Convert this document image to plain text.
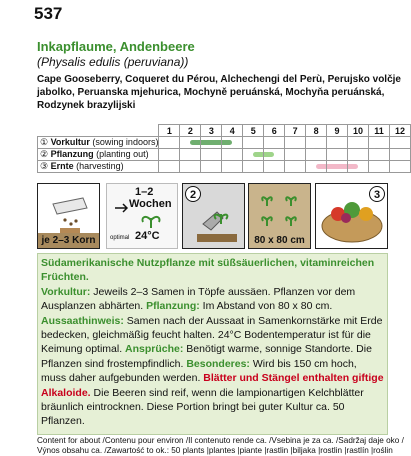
537
Inkapflaume, Andenbeere
(Physalis edulis (peruviana))
Cape Gooseberry, Coqueret du Pérou, Alchechengi del Perù, Perujsko volčje jabolko, Peruanska mjehurica, Mochyně peruánská, Mochyňa peruánská, Rodzynek brazylijski
	1	2	3	4	5	6	7	8	9	10	11	12
① Vorkultur (sowing indoors)		

② Pflanzung (planting out)					

③ Ernte (harvesting)								

je 2–3 Korn
1–2
Wochen
optimal 24°C
2
80 x 80 cm
3
Südamerikanische Nutzpflanze mit süßsäuerlichen, vitaminreichen Früchten.
Vorkultur: Jeweils 2–3 Samen in Töpfe aussäen. Pflanzen vor dem Ausplanzen abhärten. Pflanzung: Im Abstand von 80 x 80 cm.
Aussaathinweis: Samen nach der Aussaat in Samenkornstärke mit Erde bedecken, gleichmäßig feucht halten. 24°C Bodentemperatur ist für die Keimung optimal. Ansprüche: Benötigt warme, sonnige Standorte. Die Pflanzen sind frostempfindlich. Besonderes: Wird bis 150 cm hoch, muss daher aufgebunden werden. Blätter und Stängel enthalten giftige Alkaloide. Die Beeren sind reif, wenn die lampionartigen Kelchblätter bräunlich eintrocknen. Diese Portion bringt bei guter Kultur ca. 50 Pflanzen.
Content for about /Contenu pour environ /Il contenuto rende ca. /Vsebina je za ca. /Sadržaj daje oko /
Výnos obsahu ca. /Zawartość to ok.: 50 plants |plantes |piante |rastlin |biljaka |rostlin |rastlín |roślin
